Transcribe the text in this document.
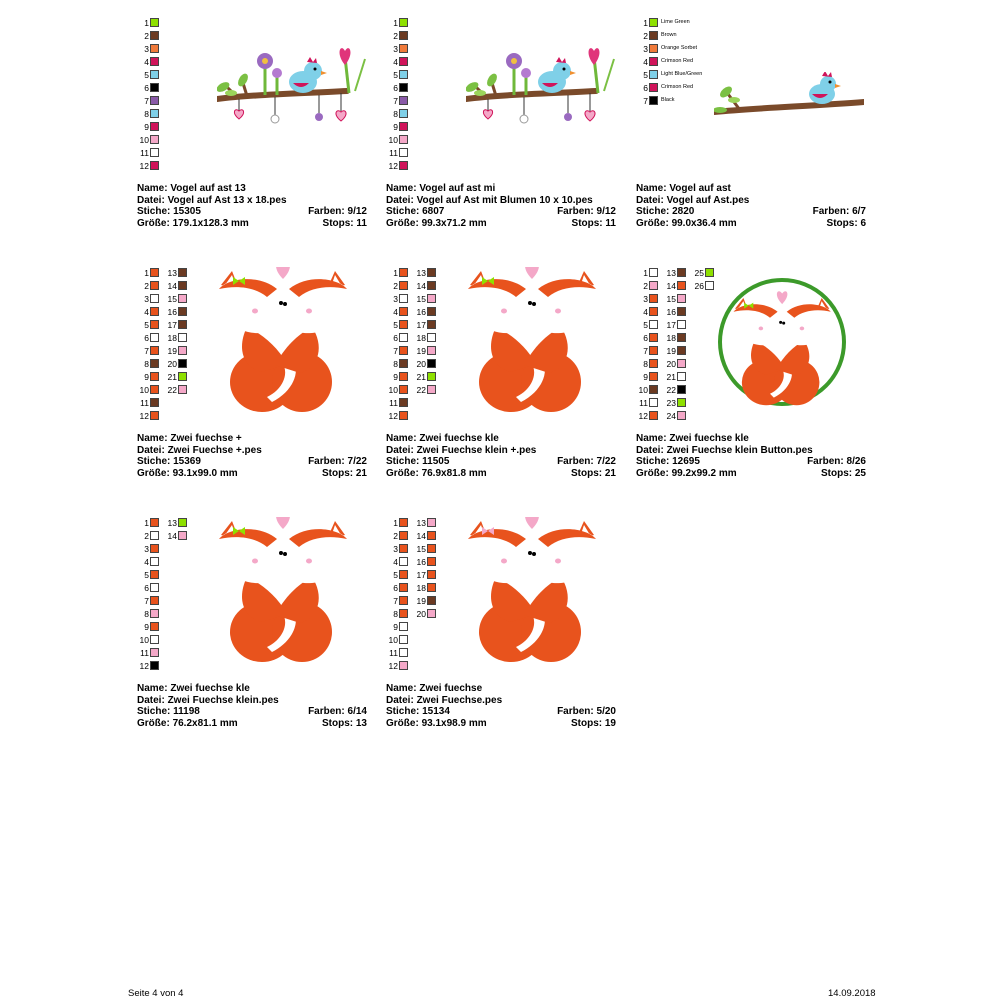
1
2
3
4
5
6
7
8
9
10
11
12
Name: Vogel auf ast 13
Datei: Vogel auf Ast 13 x 18.pes
Stiche: 15305	Farben: 9/12
Größe: 179.1x128.3 mm	Stops: 11
1
2
3
4
5
6
7
8
9
10
11
12
Name: Vogel auf ast mi
Datei: Vogel auf Ast mit Blumen 10 x 10.pes
Stiche: 6807	Farben: 9/12
Größe: 99.3x71.2 mm	Stops: 11
1 Lime Green
2 Brown
3 Orange Sorbet
4 Crimson Red
5 Light Blue/Green
6 Crimson Red
7 Black
Name: Vogel auf ast
Datei: Vogel auf Ast.pes
Stiche: 2820	Farben: 6/7
Größe: 99.0x36.4 mm	Stops: 6
1
2
3
4
5
6
7
8
9
10
11
12
13
14
15
16
17
18
19
20
21
22
Name: Zwei fuechse +
Datei: Zwei Fuechse +.pes
Stiche: 15369	Farben: 7/22
Größe: 93.1x99.0 mm	Stops: 21
1
2
3
4
5
6
7
8
9
10
11
12
13
14
15
16
17
18
19
20
21
22
Name: Zwei fuechse kle
Datei: Zwei Fuechse klein +.pes
Stiche: 11505	Farben: 7/22
Größe: 76.9x81.8 mm	Stops: 21
1
2
3
4
5
6
7
8
9
10
11
12
13
14
15
16
17
18
19
20
21
22
23
24
25
26
Name: Zwei fuechse kle
Datei: Zwei Fuechse klein Button.pes
Stiche: 12695	Farben: 8/26
Größe: 99.2x99.2 mm	Stops: 25
1
2
3
4
5
6
7
8
9
10
11
12
13
14
Name: Zwei fuechse kle
Datei: Zwei Fuechse klein.pes
Stiche: 11198	Farben: 6/14
Größe: 76.2x81.1 mm	Stops: 13
1
2
3
4
5
6
7
8
9
10
11
12
13
14
15
16
17
18
19
20
Name: Zwei fuechse
Datei: Zwei Fuechse.pes
Stiche: 15134	Farben: 5/20
Größe: 93.1x98.9 mm	Stops: 19
Seite 4 von 4	14.09.2018
